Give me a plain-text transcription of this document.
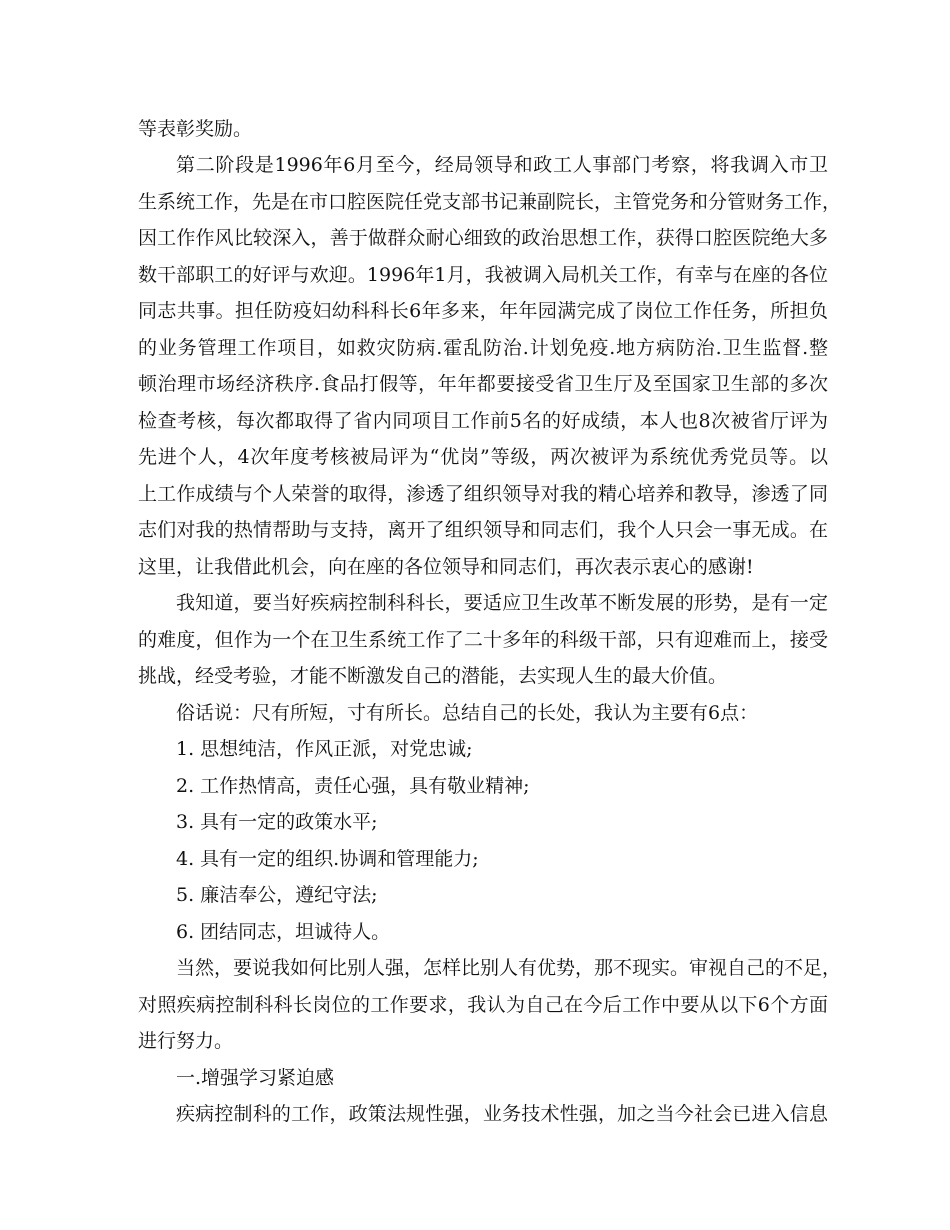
等表彰奖励。
第二阶段是1996年6月至今，经局领导和政工人事部门考察，将我调入市卫
生系统工作，先是在市口腔医院任党支部书记兼副院长，主管党务和分管财务工作，
因工作作风比较深入，善于做群众耐心细致的政治思想工作，获得口腔医院绝大多
数干部职工的好评与欢迎。1996年1月，我被调入局机关工作，有幸与在座的各位
同志共事。担任防疫妇幼科科长6年多来，年年园满完成了岗位工作任务，所担负
的业务管理工作项目，如救灾防病.霍乱防治.计划免疫.地方病防治.卫生监督.整
顿治理市场经济秩序.食品打假等，年年都要接受省卫生厅及至国家卫生部的多次
检查考核，每次都取得了省内同项目工作前5名的好成绩，本人也8次被省厅评为
先进个人，4次年度考核被局评为“优岗”等级，两次被评为系统优秀党员等。以
上工作成绩与个人荣誉的取得，渗透了组织领导对我的精心培养和教导，渗透了同
志们对我的热情帮助与支持，离开了组织领导和同志们，我个人只会一事无成。在
这里，让我借此机会，向在座的各位领导和同志们，再次表示衷心的感谢!
我知道，要当好疾病控制科科长，要适应卫生改革不断发展的形势，是有一定
的难度，但作为一个在卫生系统工作了二十多年的科级干部，只有迎难而上，接受
挑战，经受考验，才能不断激发自己的潜能，去实现人生的最大价值。
俗话说：尺有所短，寸有所长。总结自己的长处，我认为主要有6点：
1. 思想纯洁，作风正派，对党忠诚;
2. 工作热情高，责任心强，具有敬业精神;
3. 具有一定的政策水平;
4. 具有一定的组织.协调和管理能力;
5. 廉洁奉公，遵纪守法;
6. 团结同志，坦诚待人。
当然，要说我如何比别人强，怎样比别人有优势，那不现实。审视自己的不足，
对照疾病控制科科长岗位的工作要求，我认为自己在今后工作中要从以下6个方面
进行努力。
一.增强学习紧迫感
疾病控制科的工作，政策法规性强，业务技术性强，加之当今社会已进入信息
